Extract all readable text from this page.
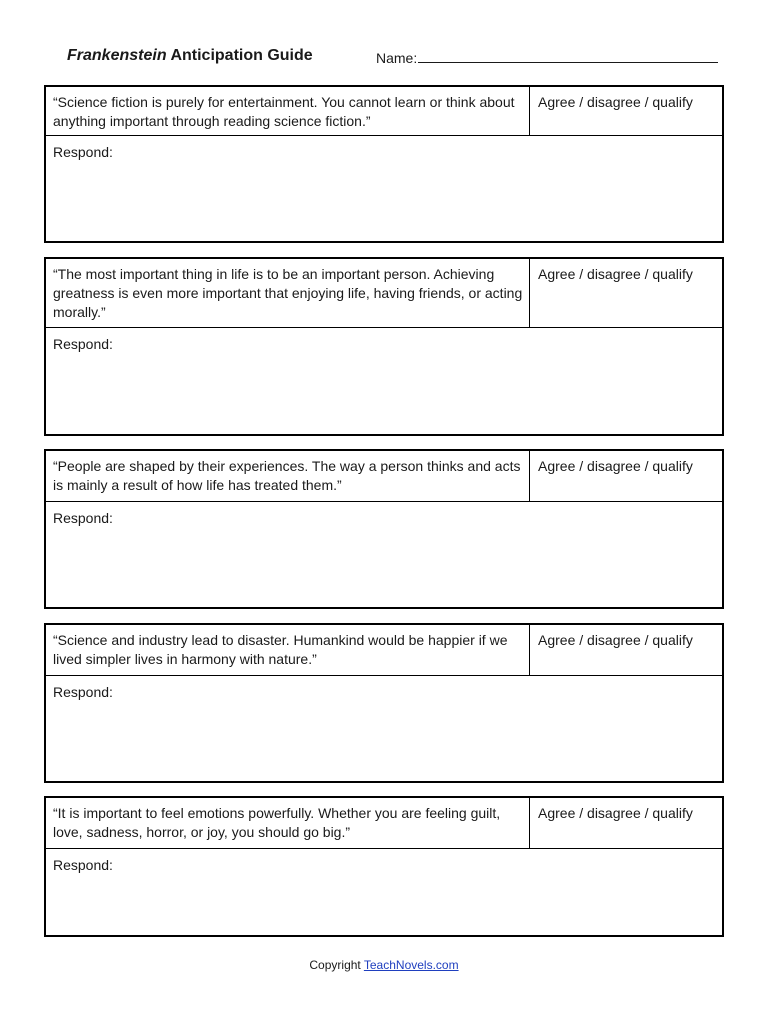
Frankenstein Anticipation Guide	Name:
“Science fiction is purely for entertainment. You cannot learn or think about anything important through reading science fiction.”
Agree / disagree / qualify
Respond:
“The most important thing in life is to be an important person. Achieving greatness is even more important that enjoying life, having friends, or acting morally.”
Agree / disagree / qualify
Respond:
“People are shaped by their experiences. The way a person thinks and acts is mainly a result of how life has treated them.”
Agree / disagree / qualify
Respond:
“Science and industry lead to disaster. Humankind would be happier if we lived simpler lives in harmony with nature.”
Agree / disagree / qualify
Respond:
“It is important to feel emotions powerfully. Whether you are feeling guilt, love, sadness, horror, or joy, you should go big.”
Agree / disagree / qualify
Respond:
Copyright TeachNovels.com
